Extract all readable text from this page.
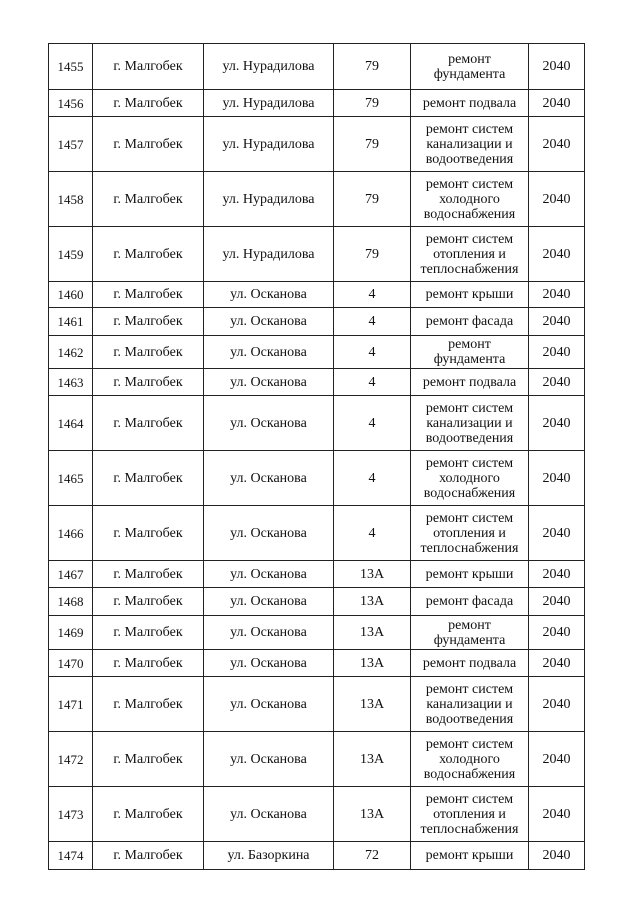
1455	г. Малгобек	ул. Нурадилова	79	ремонт фундамента	2040
1456	г. Малгобек	ул. Нурадилова	79	ремонт подвала	2040
1457	г. Малгобек	ул. Нурадилова	79	ремонт систем канализации и водоотведения	2040
1458	г. Малгобек	ул. Нурадилова	79	ремонт систем холодного водоснабжения	2040
1459	г. Малгобек	ул. Нурадилова	79	ремонт систем отопления и теплоснабжения	2040
1460	г. Малгобек	ул. Осканова	4	ремонт крыши	2040
1461	г. Малгобек	ул. Осканова	4	ремонт фасада	2040
1462	г. Малгобек	ул. Осканова	4	ремонт фундамента	2040
1463	г. Малгобек	ул. Осканова	4	ремонт подвала	2040
1464	г. Малгобек	ул. Осканова	4	ремонт систем канализации и водоотведения	2040
1465	г. Малгобек	ул. Осканова	4	ремонт систем холодного водоснабжения	2040
1466	г. Малгобек	ул. Осканова	4	ремонт систем отопления и теплоснабжения	2040
1467	г. Малгобек	ул. Осканова	13А	ремонт крыши	2040
1468	г. Малгобек	ул. Осканова	13А	ремонт фасада	2040
1469	г. Малгобек	ул. Осканова	13А	ремонт фундамента	2040
1470	г. Малгобек	ул. Осканова	13А	ремонт подвала	2040
1471	г. Малгобек	ул. Осканова	13А	ремонт систем канализации и водоотведения	2040
1472	г. Малгобек	ул. Осканова	13А	ремонт систем холодного водоснабжения	2040
1473	г. Малгобек	ул. Осканова	13А	ремонт систем отопления и теплоснабжения	2040
1474	г. Малгобек	ул. Базоркина	72	ремонт крыши	2040
